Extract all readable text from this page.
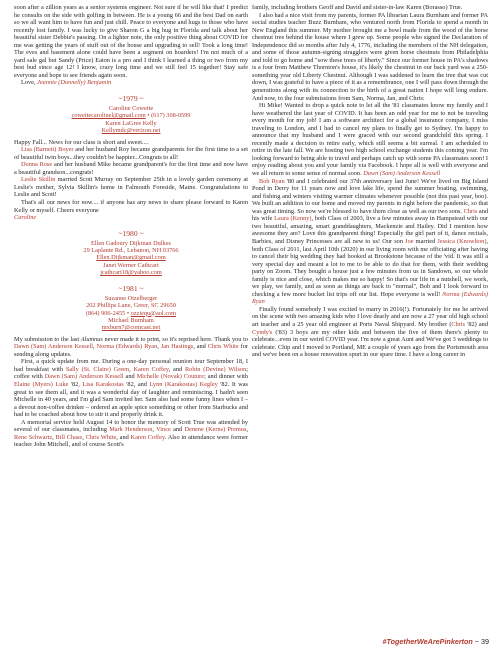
soon after a zillion years as a senior systems engineer. Not sure if he will like that! I predict he consults on the side with golfing in between. He is a young 66 and the best Dad on earth so we all want him to have fun and just chill. Peace to everyone and hugs to those who have recently lost family. I was lucky to give Sharon G a big hug in Florida and talk about her beautiful sister Debbie's passing. On a lighter note, the only positive thing about COVID for me was getting the years of stuff out of the house and upgrading to sell! Took a long time! The eves and basement alone could have been a segment on hoarders! I'm not much of a yard sale gal but Sandy (Price) Eaton is a pro and I think I learned a thing or two from my best bud since age 12! I know, crazy long time and we still feel 15 together! Stay safe everyone and hope to see friends again soon.

Love, Jeannie (Donnelly) Benjamin

~1979 ~

Caroline Cowette

cowettecarolinel@gmail.com • (617) 308-0599

Karen LaGree Kelly

Kellymdc@verizon.net

Happy Fall... News for our class is short and sweet....

Lisa (Barnett) Boyer and her husband Roy became grandparents for the first time to a set of beautiful twin boys...they couldn't be happier...Congrats to all!

Donna Rose and her husband Mike became grandparent's for the first time and now have a beautiful grandson...congrats!

Leslie Skillin married Scott Murray on September 25th in a lovely garden ceremony at Leslie's mother, Sylvia Skillin's home in Falmouth Foreside, Maine. Congratulations to Leslie and Scott!

That's all our news for now.... if anyone has any news to share please forward to Karen Kelly or myself. Cheers everyone

Caroline

~1980 ~

Ellen Gadoury Dijkman Dulkes

29 Laplante Rd., Lebanon, NH 03766

Ellen.Dijkman@gmail.com

Janet Werner Cathcart

jcathcart18@yahoo.com

~1981 ~

Suzanne Otzelberger

202 Phillips Lane, Greer, SC 29650

(864) 906-2455 • ozziequ@aol.com

Michael Burnham

mxburn7@comcast.net

My submission to the last Alumnus never made it to print, so it's reprised here. Thank you to Dawn (Sam) Anderson Kessell, Norma (Edwards) Ryan, Jan Hastings, and Chris White for sending along updates.

First, a quick update from me. During a one-day personal reunion tour September 18, I had breakfast with Sally (St. Claire) Green, Karen Coffey, and Robin (Devine) Wilson; coffee with Dawn (Sam) Anderson Kessell and Michelle (Novak) Couture; and dinner with Elaine (Myers) Luke '82, Lisa Karakostas '82, and Lynn (Karakostas) Kegley '82. It was great to see them all, and it was a wonderful day of laughter and reminiscing. I hadn't seen Michelle in 40 years, and I'm glad Sam invited her. Sam also had some funny lines when I – a devout non-coffee drinker – ordered an apple spice something or other from Starbucks and had to be coached about how to stir it and properly drink it.

A memorial service held August 14 to honor the memory of Scott True was attended by several of our classmates, including Mark Henderson, Vince and Denene (Kerns) Premus, Rene Schwartz, Bill Chase, Chris White, and Karen Coffey. Also in attendance were former teacher John Mitchell, and of course Scott's

family, including brothers Geoff and David and sister-in-law Karen (Borasso) True.

I also had a nice visit from my parents, former PA librarian Laura Burnham and former PA social studies teacher Buzz Burnham, who ventured north from Florida to spend a month in New England this summer. My mother brought me a bowl made from the wood of the horse chestnut tree behind the house where I grew up. Some people who signed the Declaration of Independence did so months after July 4, 1776, including the members of the NH delegation, and some of those autumn-signing stragglers were given horse chestnuts from Philadelphia and told to go home and "sow these trees of liberty." Since our former house in PA's shadows is a four from Matthew Thornton's house, it's likely the chestnut in our back yard was a 250-something year old Liberty Chestnut. Although I was saddened to learn the tree that was cut down, I was grateful to have a piece of it as a remembrance, one I will pass down through the generations along with its connection to the birth of a great nation I hope will long endure. And now, to the four submissions from Sam, Norma, Jan, and Chris:

Hi Mike! Wanted to drop a quick note to let all the '81 classmates know my family and I have weathered the last year of COVID. It has been an odd year for me to not be traveling every month for my job! I am a software architect for a global insurance company, I miss traveling to London, and I had to cancel my plans to finally get to Sydney. I'm happy to announce that my husband and I were graced with our second grandchild this spring. I recently made a decision to retire early, which still seems a bit surreal. I am scheduled to retire in the late fall. We are hosting two high school exchange students this coming year. I'm looking forward to being able to travel and perhaps catch up with some PA classmates soon! I enjoy reading about you and your family via Facebook. I hope all is well with everyone and we all return to some sense of normal soon. Dawn (Sam) Anderson Kessell

Bob Ryan '80 and I celebrated our 37th anniversary last June! We've lived on Big Island Pond in Derry for 11 years now and love lake life, spend the summer boating, swimming, and fishing and winters visiting warmer climates whenever possible (not this past year, boo). We built an addition to our home and moved my parents in right before the pandemic, so that was great timing. So now we're blessed to have them close as well as our two sons. Chris and his wife Laura (Kenny), both Class of 2003, live a few minutes away in Hampstead with our two beautiful, amazing, smart granddaughters, Mackenzie and Hailey. Did I mention how awesome they are? Love this grandparent thing! Especially the girl part of it, dance recitals, Barbies, and Disney Princesses are all new to us! Our son Joe married Jessica (Knowlton), both Class of 2011, last April 10th (2020) in our living room with me officiating after having to cancel their big wedding they had booked at Brookstone because of the 'vid. It was still a very special day and meant a lot to me to be able to do that for them, with their wedding party on Zoom. They bought a house just a few minutes from us in Sandown, so our whole family is nice and close, which makes me so happy! So that's our life in a nutshell, we work, we play, we family, and as soon as things are back to "normal", Bob and I look forward to checking a few more bucket list trips off our list. Hope everyone is well! Norma (Edwards) Ryan

Finally found somebody I was excited to marry in 2016(!). Fortunately for me he arrived on the scene with two amazing kids who I love dearly and are now a 27 year old high school art teacher and a 25 year old engineer at Ports Naval Shipyard. My brother (Chris '82) and Cyndy's ('83) 3 boys are my other kids and between the five of them there's plenty to celebrate...even in our weird COVID year. I'm now a great Aunt and We've got 3 weddings to celebrate. Chip and I moved to Portland, ME a couple of years ago from the Portsmouth area and we've been on a house renovation spurt in our spare time. I have a long career in

#TogetherWeArePinkerton ~ 39
